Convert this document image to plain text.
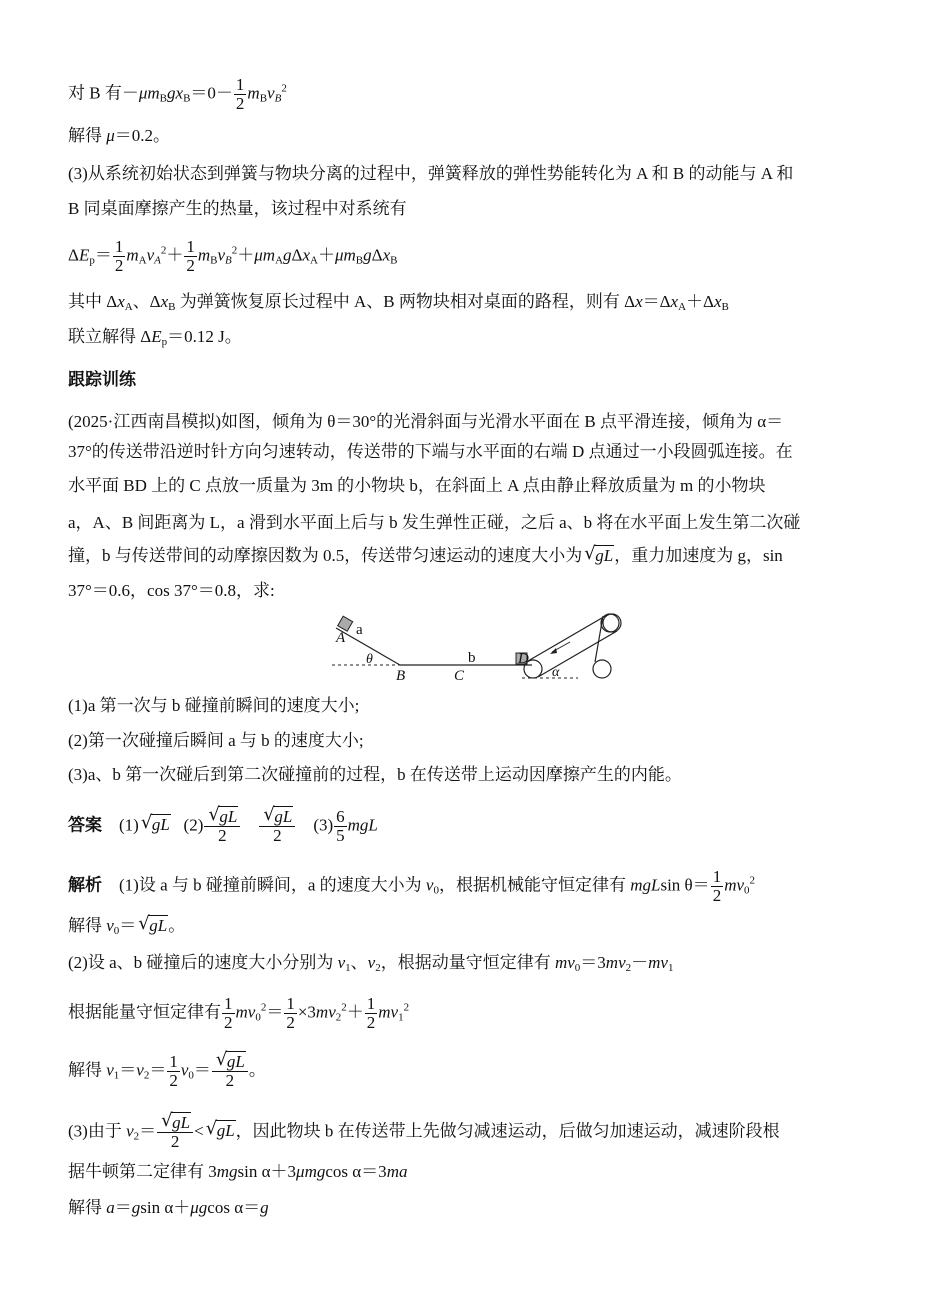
对 B 有$-\mu m_Bgx_B=0- \frac{1}{2} m_Bv_B^2$
解得 μ＝0.2。
(3)从系统初始状态到弹簧与物块分离的过程中，弹簧释放的弹性势能转化为 A 和 B 的动能与 A 和
B 同桌面摩擦产生的热量，该过程中对系统有
$\Delta E_p= \frac{1}{2} m_Av_A^2+ \frac{1}{2} m_Bv_B^2+\mu m_Ag\Delta x_A+\mu m_Bg\Delta x_B$
其中 $\Delta x_A$、$\Delta x_B$ 为弹簧恢复原长过程中 A、B 两物块相对桌面的路程，则有 $\Delta x=\Delta x_A+\Delta x_B$
联立解得 $\Delta E_p=0.12$ J。
跟踪训练
(2025·江西南昌模拟)如图，倾角为 θ＝30°的光滑斜面与光滑水平面在 B 点平滑连接，倾角为 α＝
37°的传送带沿逆时针方向匀速转动，传送带的下端与水平面的右端 D 点通过一小段圆弧连接。在
水平面 BD 上的 C 点放一质量为 3m 的小物块 b，在斜面上 A 点由静止释放质量为 m 的小物块
a，A、B 间距离为 L，a 滑到水平面上后与 b 发生弹性正碰，之后 a、b 将在水平面上发生第二次碰
撞，b 与传送带间的动摩擦因数为 0.5，传送带匀速运动的速度大小为√ gL，重力加速度为 g，sin
37°＝0.6，cos 37°＝0.8，求:
A a
θ
B	C
b	D
α
(1)a 第一次与 b 碰撞前瞬间的速度大小;
(2)第一次碰撞后瞬间 a 与 b 的速度大小;
(3)a、b 第一次碰后到第二次碰撞前的过程，b 在传送带上运动因摩擦产生的内能。
答案 (1)√ gL (2)
√ $\frac{gL}{2}$

√ $\frac{gL}{2} (3) \frac{6}{5}$ mgL
解析 (1)设 a 与 b 碰撞前瞬间，a 的速度大小为 $v_0$，根据机械能守恒定律有 mgLsin $\theta= \frac{1}{2} mv_0^2$
解得 $v_0=√$ gL。
(2)设 a、b 碰撞后的速度大小分别为 $v_1$、$v_2$，根据动量守恒定律有 $mv_0=3mv_2-mv_1$
根据能量守恒定律有 $\frac{1}{2} mv_0^2= \frac{1}{2} \times 3mv_2^2+ \frac{1}{2} mv_1^2$
解得 $v_1=v_2= \frac{1}{2} v_0=$
√ $\frac{gL}{2}$ 。
(3)由于 $v_2=$
√ $\frac{gL}{2}$ <√ gL，因此物块 b 在传送带上先做匀减速运动，后做匀加速运动，减速阶段根
据牛顿第二定律有 3mgsin α＋3μmgcos α＝3ma
解得 a＝gsin α＋μgcos α＝g
